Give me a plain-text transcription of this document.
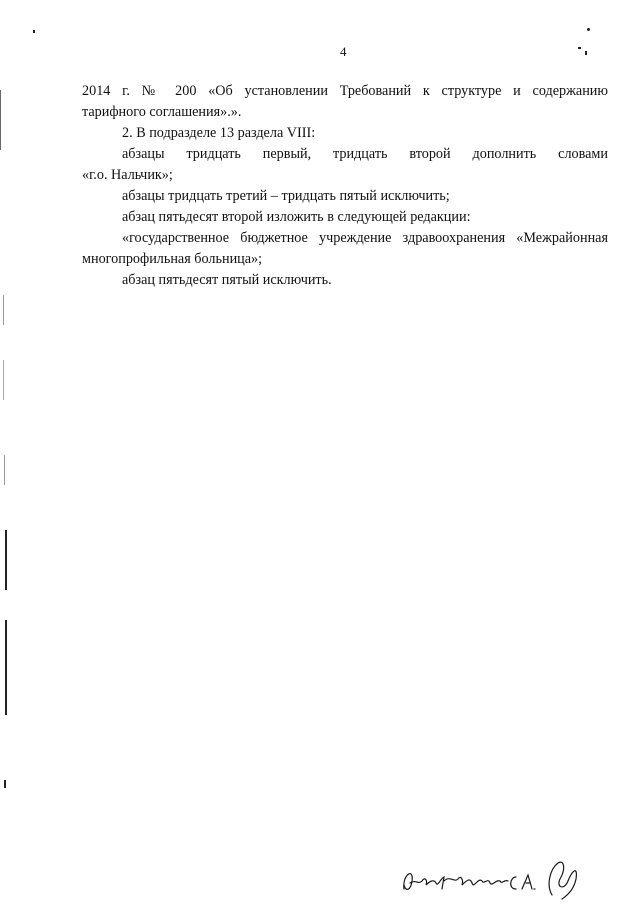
4

2014 г. № 200 «Об установлении Требований к структуре и содержанию

тарифного соглашения».».

2. В подразделе 13 раздела VIII:

абзацы тридцать первый, тридцать второй дополнить словами

«г.о. Нальчик»;

абзацы тридцать третий – тридцать пятый исключить;

абзац пятьдесят второй изложить в следующей редакции:

«государственное бюджетное учреждение здравоохранения «Межрайонная

многопрофильная больница»;

абзац пятьдесят пятый исключить.
